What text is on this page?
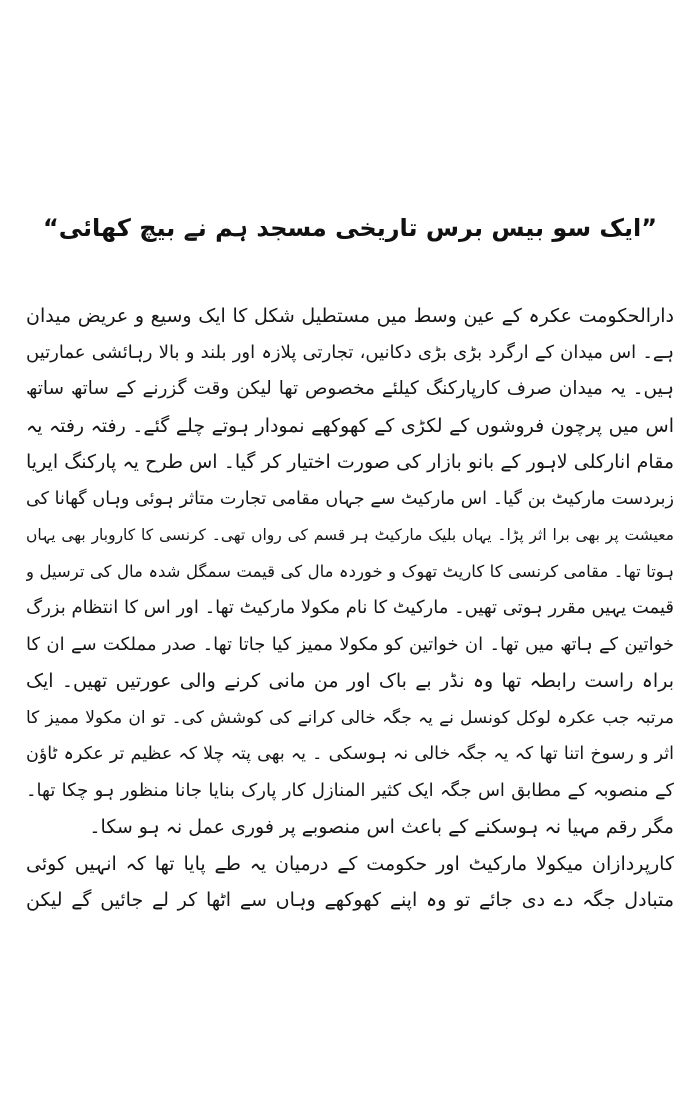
”ایک سو بیس برس تاریخی مسجد ہم نے بیچ کھائی“
دارالحکومت عکرہ کے عین وسط میں مستطیل شکل کا ایک وسیع و عریض میدان
ہے۔ اس میدان کے ارگرد بڑی بڑی دکانیں، تجارتی پلازہ اور بلند و بالا رہائشی عمارتیں
ہیں۔ یہ میدان صرف کارپارکنگ کیلئے مخصوص تھا لیکن وقت گزرنے کے ساتھ ساتھ
اس میں پرچون فروشوں کے لکڑی کے کھوکھے نمودار ہوتے چلے گئے۔ رفتہ رفتہ یہ
مقام انارکلی لاہور کے بانو بازار کی صورت اختیار کر گیا۔ اس طرح یہ پارکنگ ایریا
زبردست مارکیٹ بن گیا۔ اس مارکیٹ سے جہاں مقامی تجارت متاثر ہوئی وہاں گھانا کی
معیشت پر بھی برا اثر پڑا۔ یہاں بلیک مارکیٹ ہر قسم کی رواں تھی۔ کرنسی کا کاروبار بھی یہاں
ہوتا تھا۔ مقامی کرنسی کا کاریٹ تھوک و خوردہ مال کی قیمت سمگل شدہ مال کی ترسیل و
قیمت یہیں مقرر ہوتی تھیں۔ مارکیٹ کا نام مکولا مارکیٹ تھا۔ اور اس کا انتظام بزرگ
خواتین کے ہاتھ میں تھا۔ ان خواتین کو مکولا ممیز کیا جاتا تھا۔ صدر مملکت سے ان کا
براہ راست رابطہ تھا وہ نڈر بے باک اور من مانی کرنے والی عورتیں تھیں۔ ایک
مرتبہ جب عکرہ لوکل کونسل نے یہ جگہ خالی کرانے کی کوشش کی۔ تو ان مکولا ممیز کا
اثر و رسوخ اتنا تھا کہ یہ جگہ خالی نہ ہوسکی ۔ یہ بھی پتہ چلا کہ عظیم تر عکرہ ٹاؤن
کے منصوبہ کے مطابق اس جگہ ایک کثیر المنازل کار پارک بنایا جانا منظور ہو چکا تھا۔
مگر رقم مہیا نہ ہوسکنے کے باعث اس منصوبے پر فوری عمل نہ ہو سکا۔
کارپردازان میکولا مارکیٹ اور حکومت کے درمیان یہ طے پایا تھا کہ انہیں کوئی
متبادل جگہ دے دی جائے تو وہ اپنے کھوکھے وہاں سے اٹھا کر لے جائیں گے لیکن
